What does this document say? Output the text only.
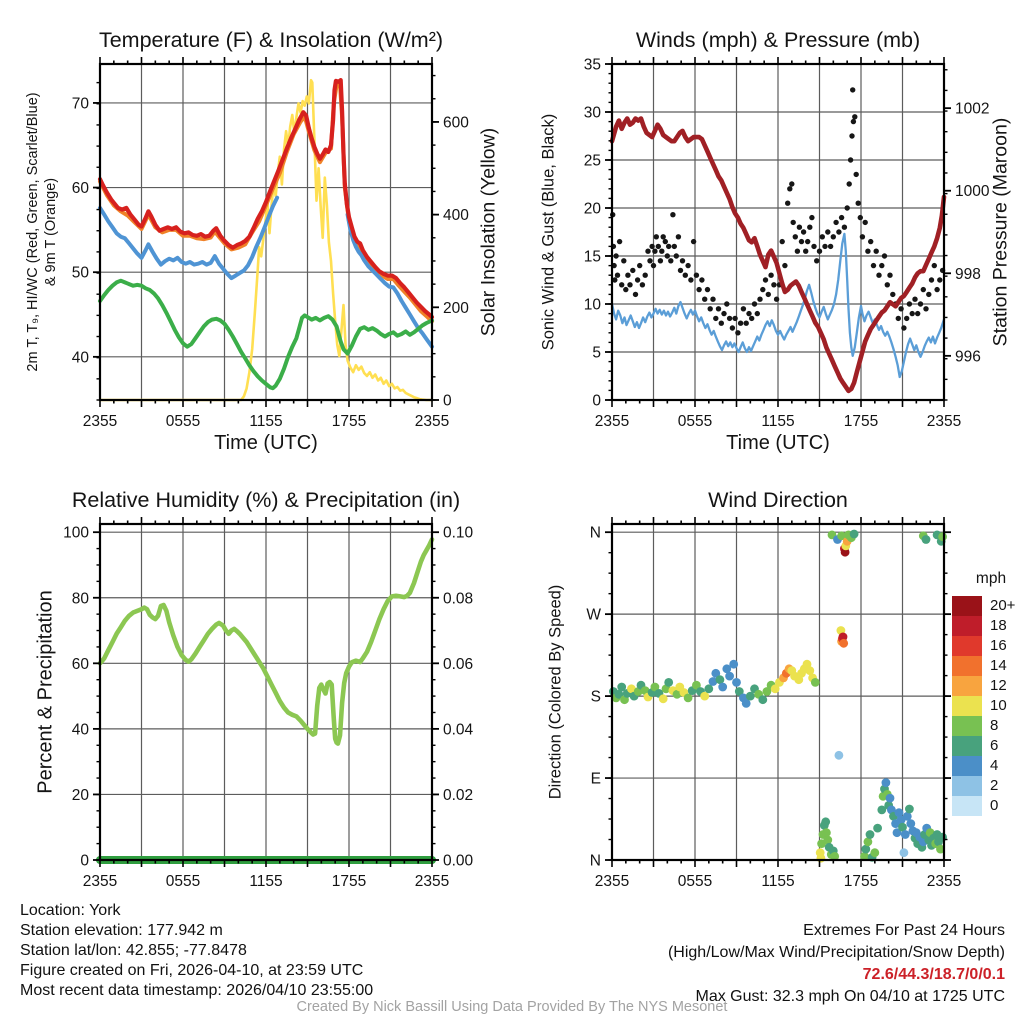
2355	0555	1155	1755	2355
40
50
60
70
0
200
400
600
2355	0555	1155	1755	2355
0
5
10
15
20
25
30
35
996
998
1000
1002
2355	0555	1155	1755	2355
0
20
40
60
80
100
0.00
0.02
0.04
0.06
0.08
0.10
2355	0555	1155	1755	2355
N
E
S
W
N
Temperature (F) & Insolation (W/m²)	Winds (mph) & Pressure (mb)
Relative Humidity (%) & Precipitation (in)	Wind Direction
2m T, T₉, HI/WC (Red, Green, Scarlet/Blue) & 9m T (Orange)	Solar Insolation (Yellow) Sonic Wind & Gust (Blue, Black)	Station Pressure (Maroon)
Percent & Precipitation	Direction (Colored By Speed)
Time (UTC)	Time (UTC)
mph
20+
18
16
14
12
10
8
6
4
2
0
Location: York
Station elevation: 177.942 m
Station lat/lon: 42.855; -77.8478
Figure created on Fri, 2026-04-10, at 23:59 UTC
Most recent data timestamp: 2026/04/10 23:55:00
Extremes For Past 24 Hours
(High/Low/Max Wind/Precipitation/Snow Depth)
72.6/44.3/18.7/0/0.1
Max Gust: 32.3 mph On 04/10 at 1725 UTC
Created By Nick Bassill Using Data Provided By The NYS Mesonet
